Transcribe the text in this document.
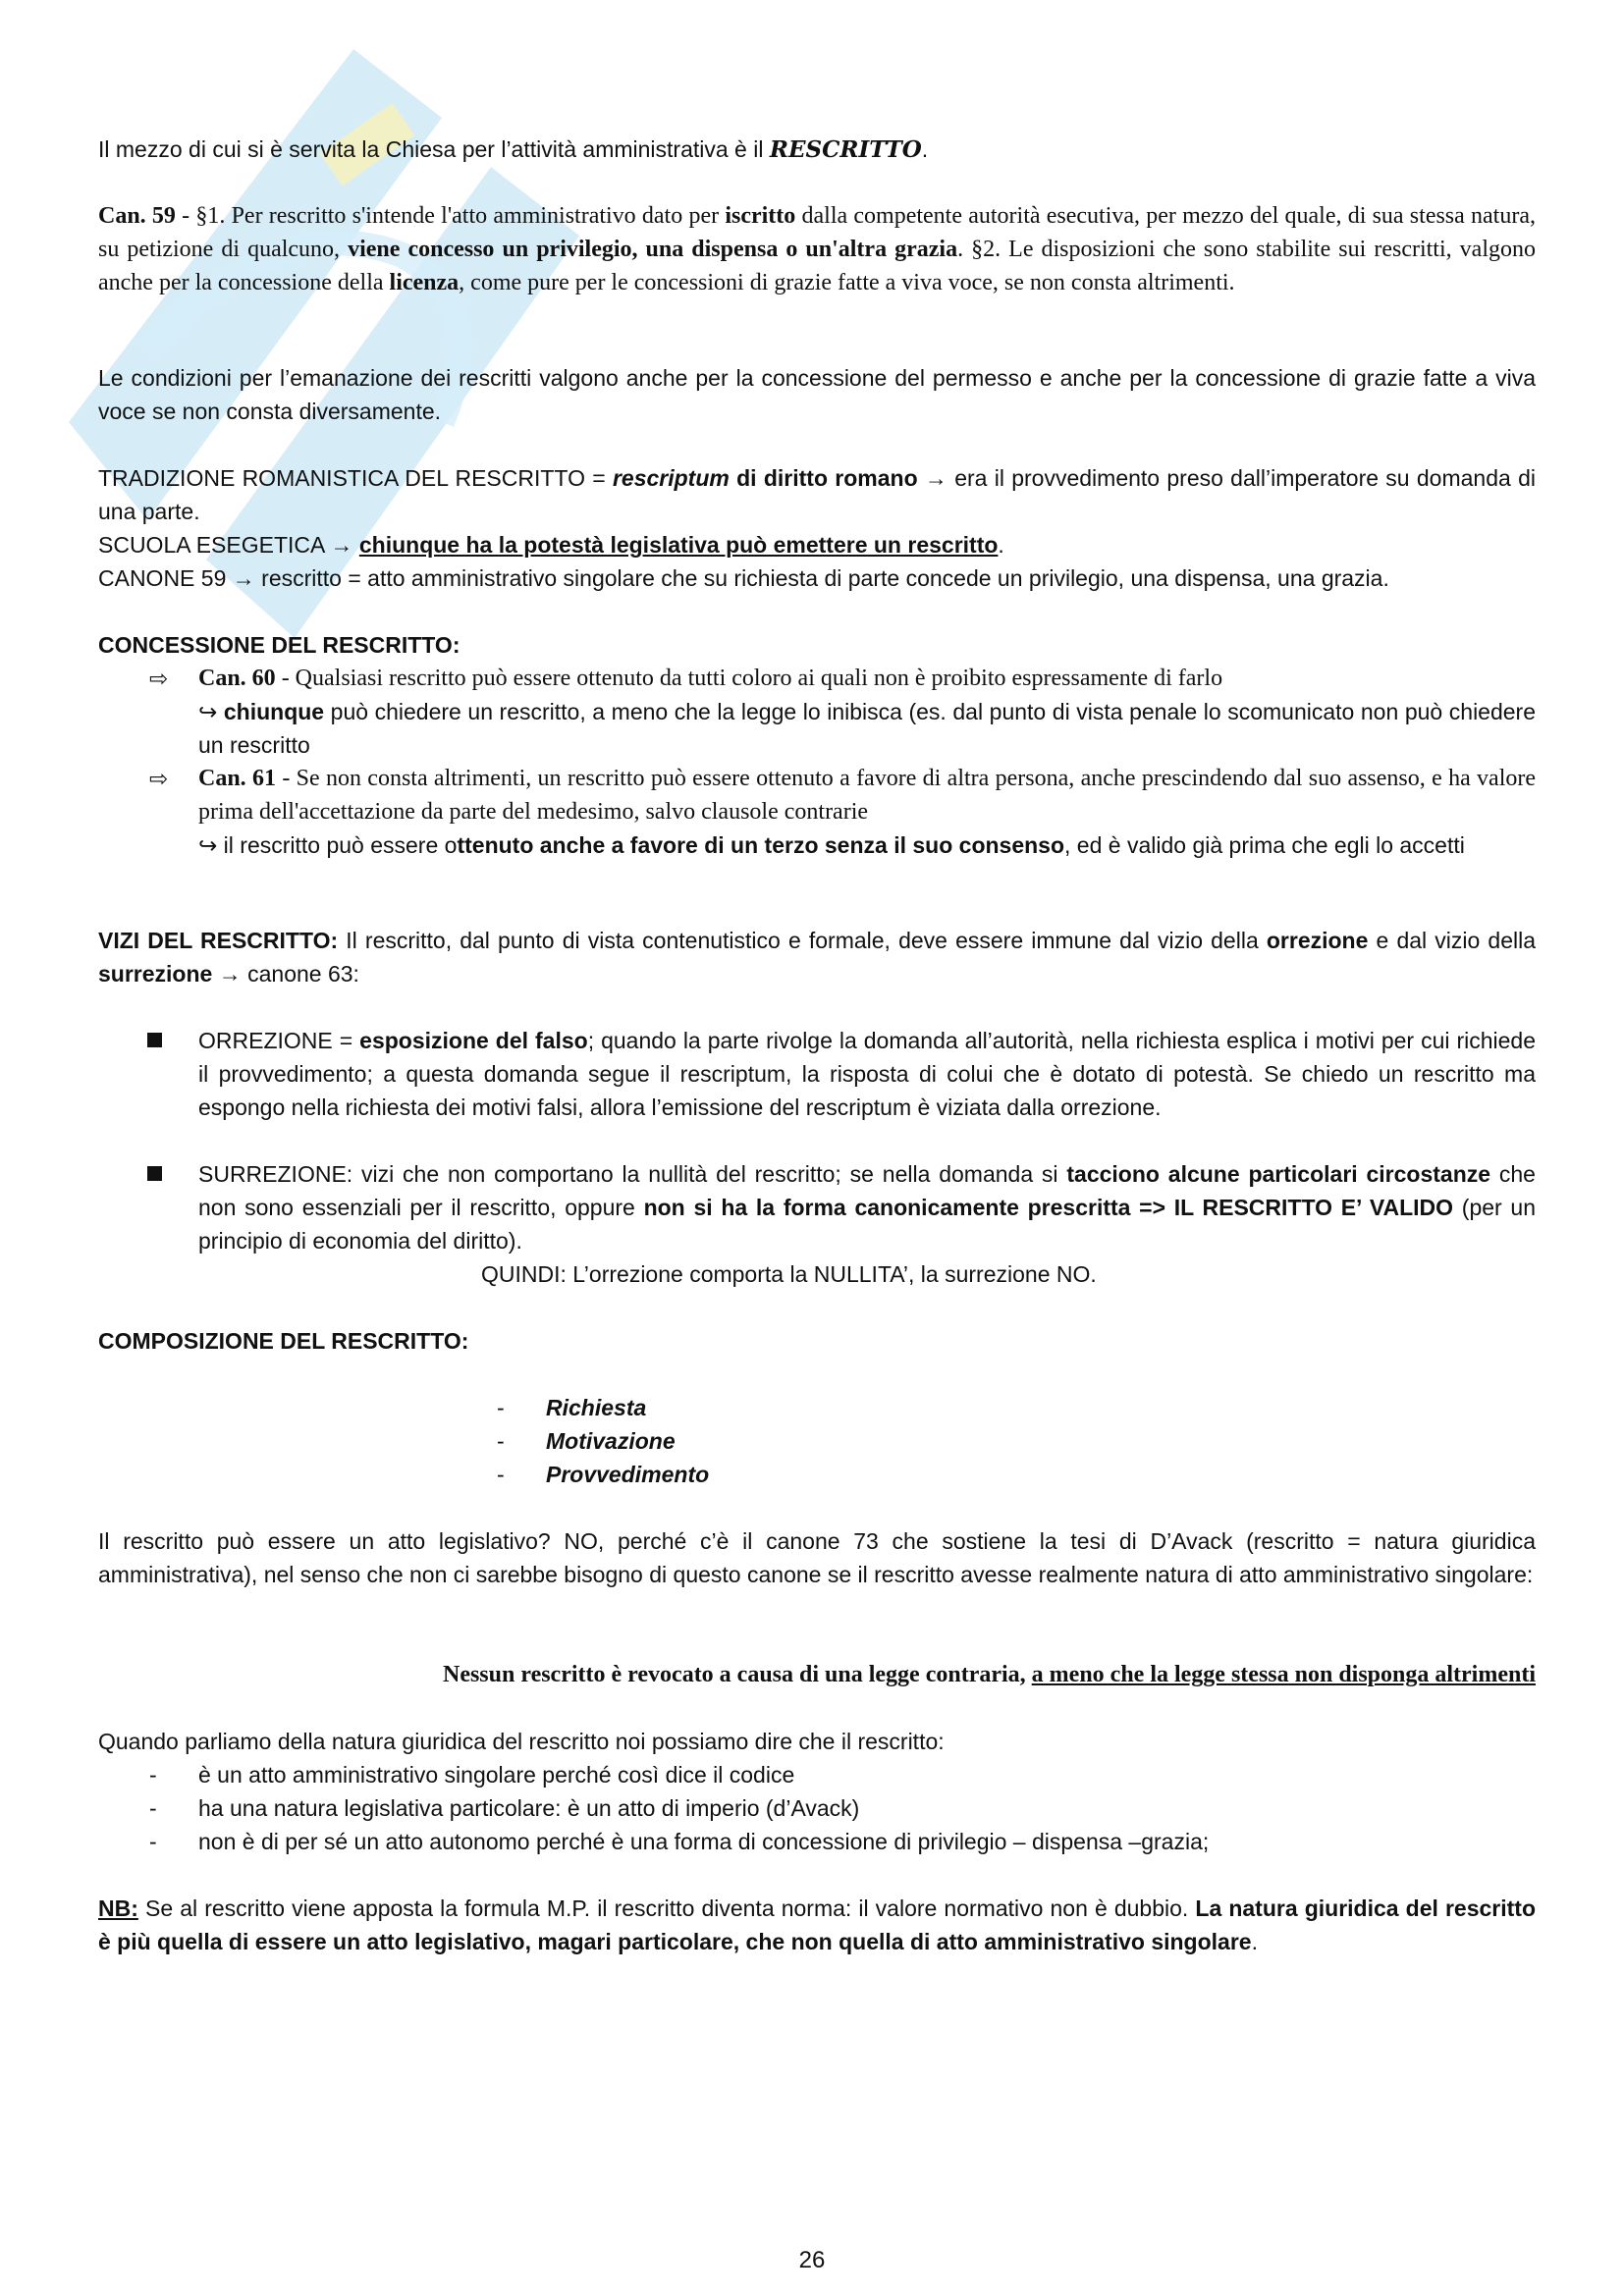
Il mezzo di cui si è servita la Chiesa per l’attività amministrativa è il RESCRITTO.
Can. 59 - §1. Per rescritto s'intende l'atto amministrativo dato per iscritto dalla competente autorità esecutiva, per mezzo del quale, di sua stessa natura, su petizione di qualcuno, viene concesso un privilegio, una dispensa o un'altra grazia. §2. Le disposizioni che sono stabilite sui rescritti, valgono anche per la concessione della licenza, come pure per le concessioni di grazie fatte a viva voce, se non consta altrimenti.
Le condizioni per l’emanazione dei rescritti valgono anche per la concessione del permesso e anche per la concessione di grazie fatte a viva voce se non consta diversamente.
TRADIZIONE ROMANISTICA DEL RESCRITTO = rescriptum di diritto romano → era il provvedimento preso dall’imperatore su domanda di una parte.
SCUOLA ESEGETICA → chiunque ha la potestà legislativa può emettere un rescritto.
CANONE 59 → rescritto = atto amministrativo singolare che su richiesta di parte concede un privilegio, una dispensa, una grazia.
CONCESSIONE DEL RESCRITTO:
⇨	Can. 60 - Qualsiasi rescritto può essere ottenuto da tutti coloro ai quali non è proibito espressamente di farlo
↪ chiunque può chiedere un rescritto, a meno che la legge lo inibisca (es. dal punto di vista penale lo scomunicato non può chiedere un rescritto
⇨	Can. 61 - Se non consta altrimenti, un rescritto può essere ottenuto a favore di altra persona, anche prescindendo dal suo assenso, e ha valore prima dell'accettazione da parte del medesimo, salvo clausole contrarie
↪ il rescritto può essere ottenuto anche a favore di un terzo senza il suo consenso, ed è valido già prima che egli lo accetti
VIZI DEL RESCRITTO: Il rescritto, dal punto di vista contenutistico e formale, deve essere immune dal vizio della orrezione e dal vizio della surrezione → canone 63:
ORREZIONE = esposizione del falso; quando la parte rivolge la domanda all’autorità, nella richiesta esplica i motivi per cui richiede il provvedimento; a questa domanda segue il rescriptum, la risposta di colui che è dotato di potestà. Se chiedo un rescritto ma espongo nella richiesta dei motivi falsi, allora l’emissione del rescriptum è viziata dalla orrezione.
SURREZIONE: vizi che non comportano la nullità del rescritto; se nella domanda si tacciono alcune particolari circostanze che non sono essenziali per il rescritto, oppure non si ha la forma canonicamente prescritta => IL RESCRITTO E’ VALIDO (per un principio di economia del diritto).
QUINDI: L’orrezione comporta la NULLITA’, la surrezione NO.
COMPOSIZIONE DEL RESCRITTO:
- Richiesta
- Motivazione
- Provvedimento
Il rescritto può essere un atto legislativo? NO, perché c’è il canone 73 che sostiene la tesi di D’Avack (rescritto = natura giuridica amministrativa), nel senso che non ci sarebbe bisogno di questo canone se il rescritto avesse realmente natura di atto amministrativo singolare:
Nessun rescritto è revocato a causa di una legge contraria, a meno che la legge stessa non disponga altrimenti
Quando parliamo della natura giuridica del rescritto noi possiamo dire che il rescritto:
- è un atto amministrativo singolare perché così dice il codice
- ha una natura legislativa particolare: è un atto di imperio (d’Avack)
- non è di per sé un atto autonomo perché è una forma di concessione di privilegio – dispensa –grazia;
NB: Se al rescritto viene apposta la formula M.P. il rescritto diventa norma: il valore normativo non è dubbio. La natura giuridica del rescritto è più quella di essere un atto legislativo, magari particolare, che non quella di atto amministrativo singolare.
26
